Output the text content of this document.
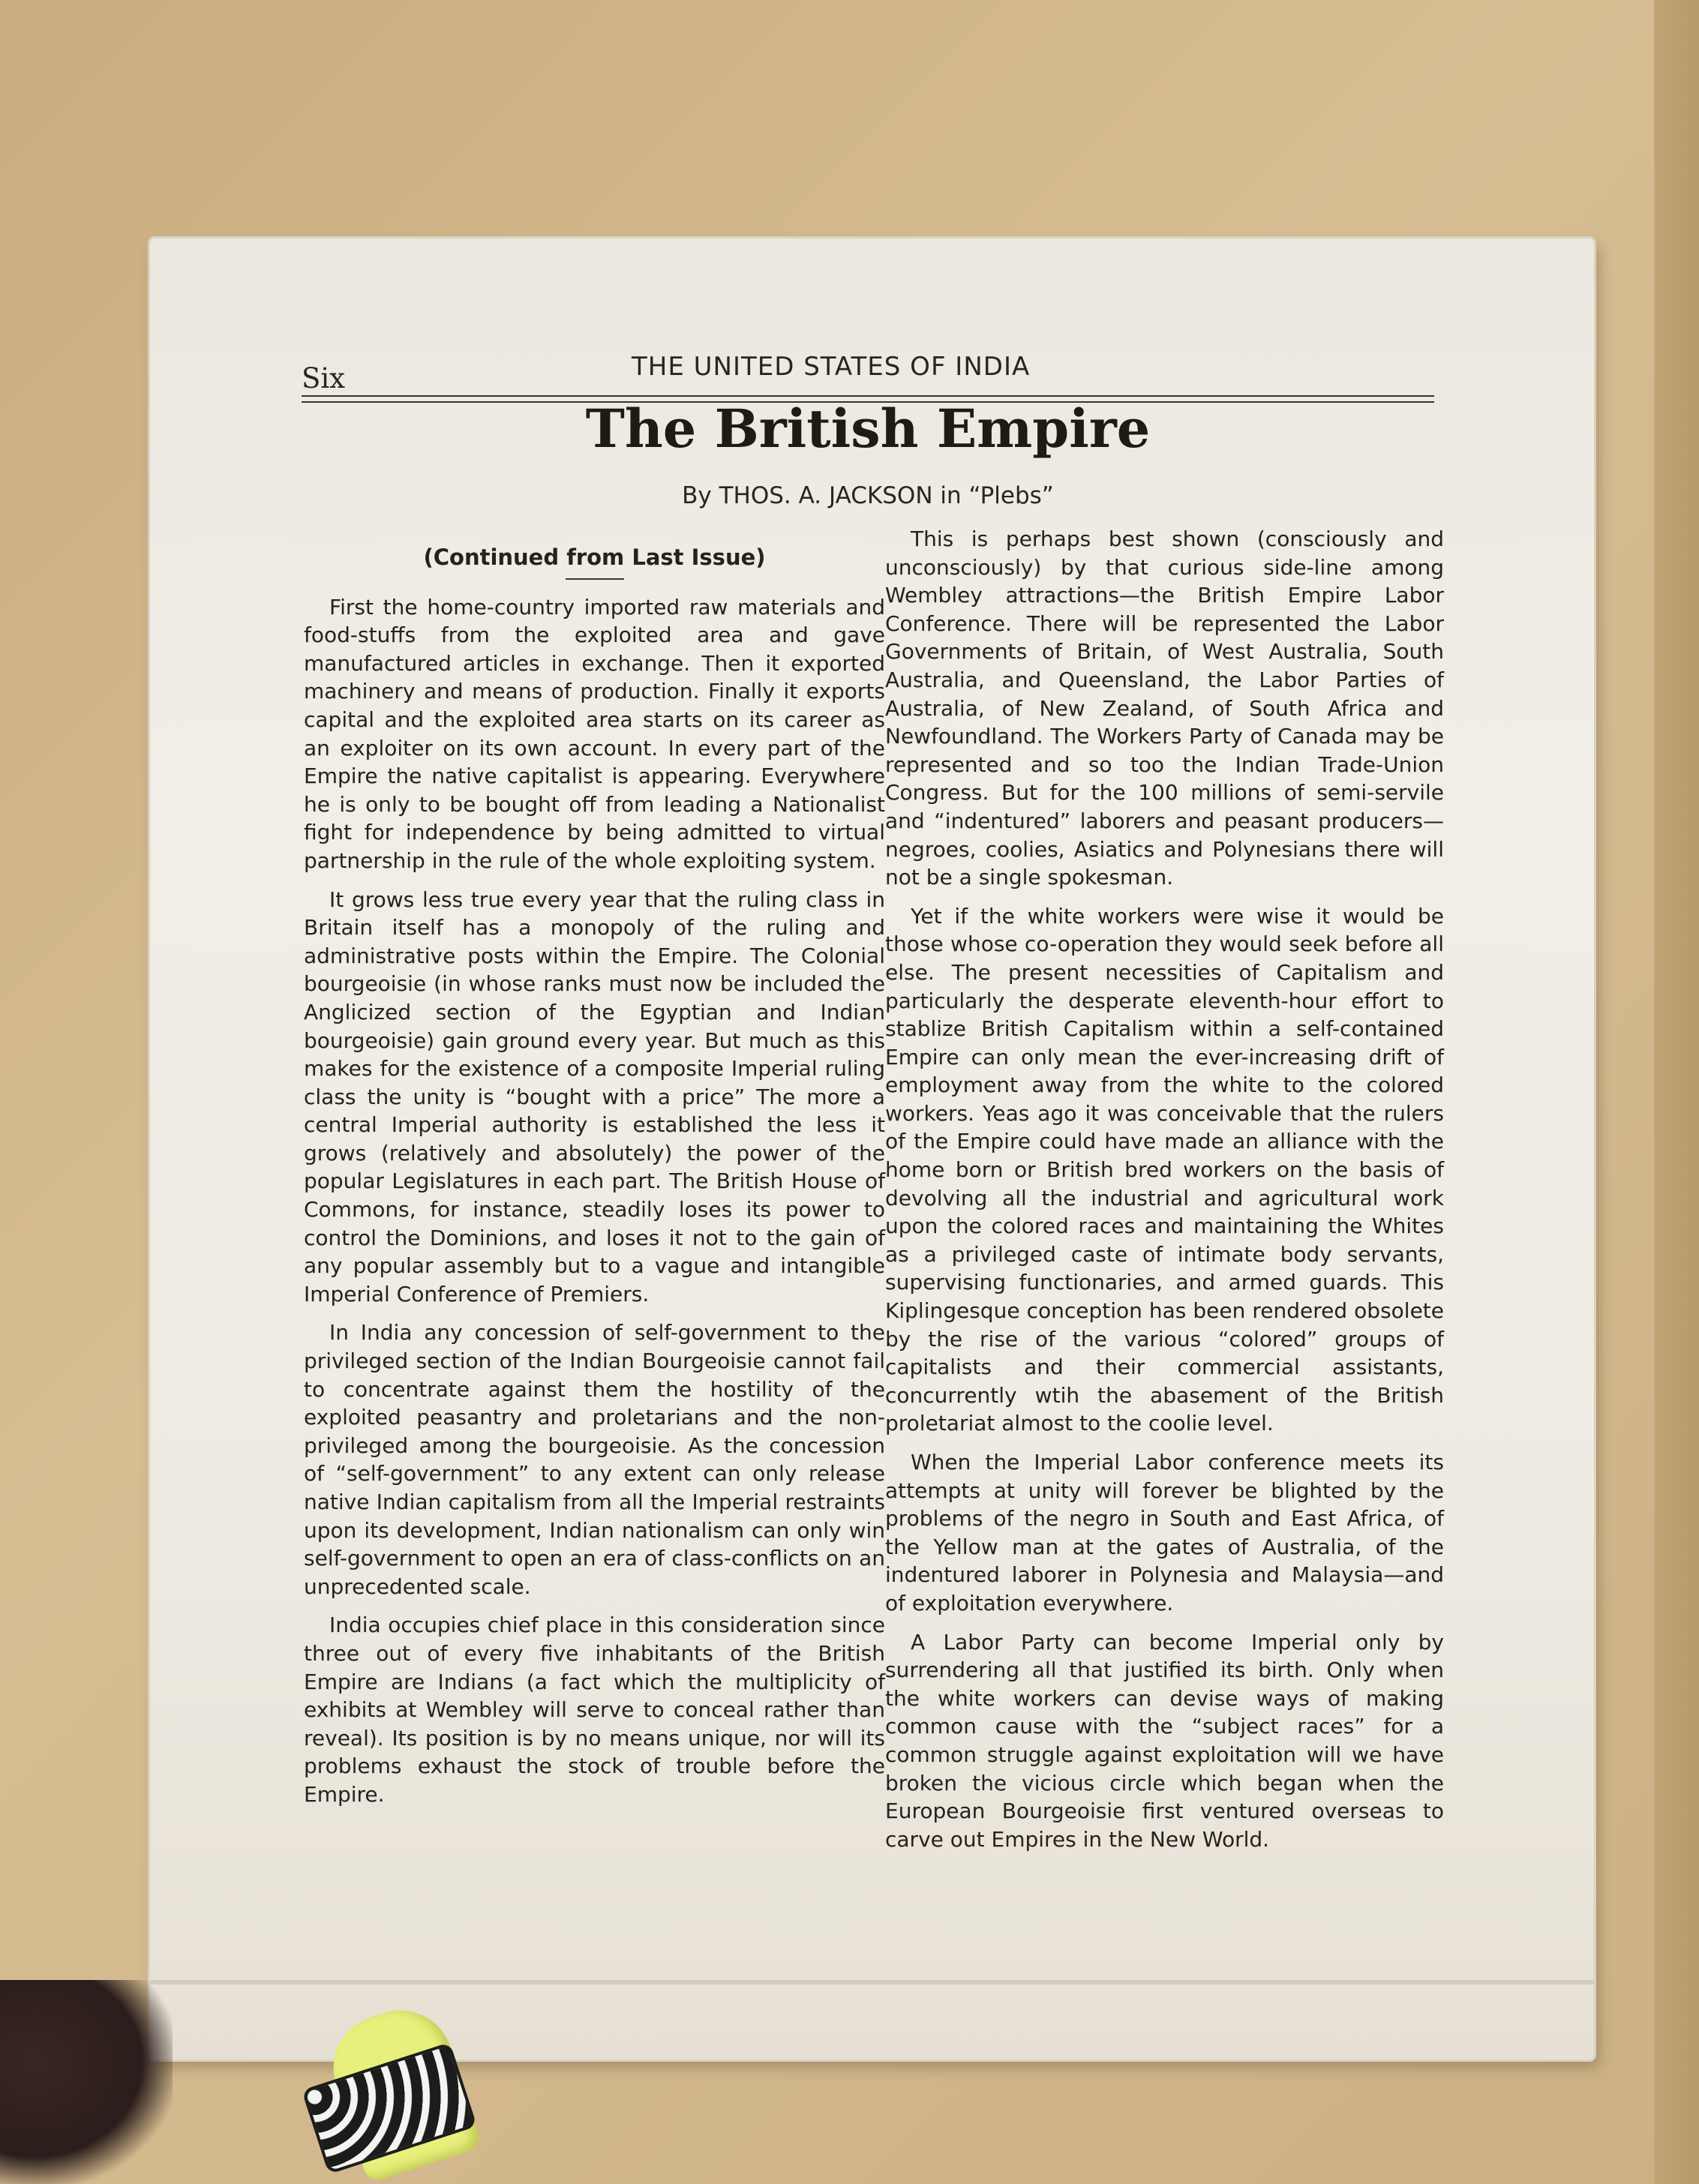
Six	THE UNITED STATES OF INDIA
The British Empire
By THOS. A. JACKSON in “Plebs”
(Continued from Last Issue)

First the home-country imported raw materials and food-stuffs from the exploited area and gave manufactured articles in exchange. Then it exported machinery and means of production. Finally it exports capital and the exploited area starts on its career as an exploiter on its own account. In every part of the Empire the native capitalist is appearing. Everywhere he is only to be bought off from leading a Nationalist fight for independence by being admitted to virtual partnership in the rule of the whole exploiting system.

It grows less true every year that the ruling class in Britain itself has a monopoly of the ruling and administrative posts within the Empire. The Colonial bourgeoisie (in whose ranks must now be included the Anglicized section of the Egyptian and Indian bourgeoisie) gain ground every year. But much as this makes for the existence of a composite Imperial ruling class the unity is “bought with a price” The more a central Imperial authority is established the less it grows (relatively and absolutely) the power of the popular Legislatures in each part. The British House of Commons, for instance, steadily loses its power to control the Dominions, and loses it not to the gain of any popular assembly but to a vague and intangible Imperial Conference of Premiers.

In India any concession of self-government to the privileged section of the Indian Bourgeoisie cannot fail to concentrate against them the hostility of the exploited peasantry and proletarians and the non-privileged among the bourgeoisie. As the concession of “self-government” to any extent can only release native Indian capitalism from all the Imperial restraints upon its development, Indian nationalism can only win self-government to open an era of class-conflicts on an unprecedented scale.

India occupies chief place in this consideration since three out of every five inhabitants of the British Empire are Indians (a fact which the multiplicity of exhibits at Wembley will serve to conceal rather than reveal). Its position is by no means unique, nor will its problems exhaust the stock of trouble before the Empire.

This is perhaps best shown (consciously and unconsciously) by that curious side-line among Wembley attractions—the British Empire Labor Conference. There will be represented the Labor Governments of Britain, of West Australia, South Australia, and Queensland, the Labor Parties of Australia, of New Zealand, of South Africa and Newfoundland. The Workers Party of Canada may be represented and so too the Indian Trade-Union Congress. But for the 100 millions of semi-servile and “indentured” laborers and peasant producers—negroes, coolies, Asiatics and Polynesians there will not be a single spokesman.

Yet if the white workers were wise it would be those whose co-operation they would seek before all else. The present necessities of Capitalism and particularly the desperate eleventh-hour effort to stablize British Capitalism within a self-contained Empire can only mean the ever-increasing drift of employment away from the white to the colored workers. Yeas ago it was conceivable that the rulers of the Empire could have made an alliance with the home born or British bred workers on the basis of devolving all the industrial and agricultural work upon the colored races and maintaining the Whites as a privileged caste of intimate body servants, supervising functionaries, and armed guards. This Kiplingesque conception has been rendered obsolete by the rise of the various “colored” groups of capitalists and their commercial assistants, concurrently wtih the abasement of the British proletariat almost to the coolie level.

When the Imperial Labor conference meets its attempts at unity will forever be blighted by the problems of the negro in South and East Africa, of the Yellow man at the gates of Australia, of the indentured laborer in Polynesia and Malaysia—and of exploitation everywhere.

A Labor Party can become Imperial only by surrendering all that justified its birth. Only when the white workers can devise ways of making common cause with the “subject races” for a common struggle against exploitation will we have broken the vicious circle which began when the European Bourgeoisie first ventured overseas to carve out Empires in the New World.
